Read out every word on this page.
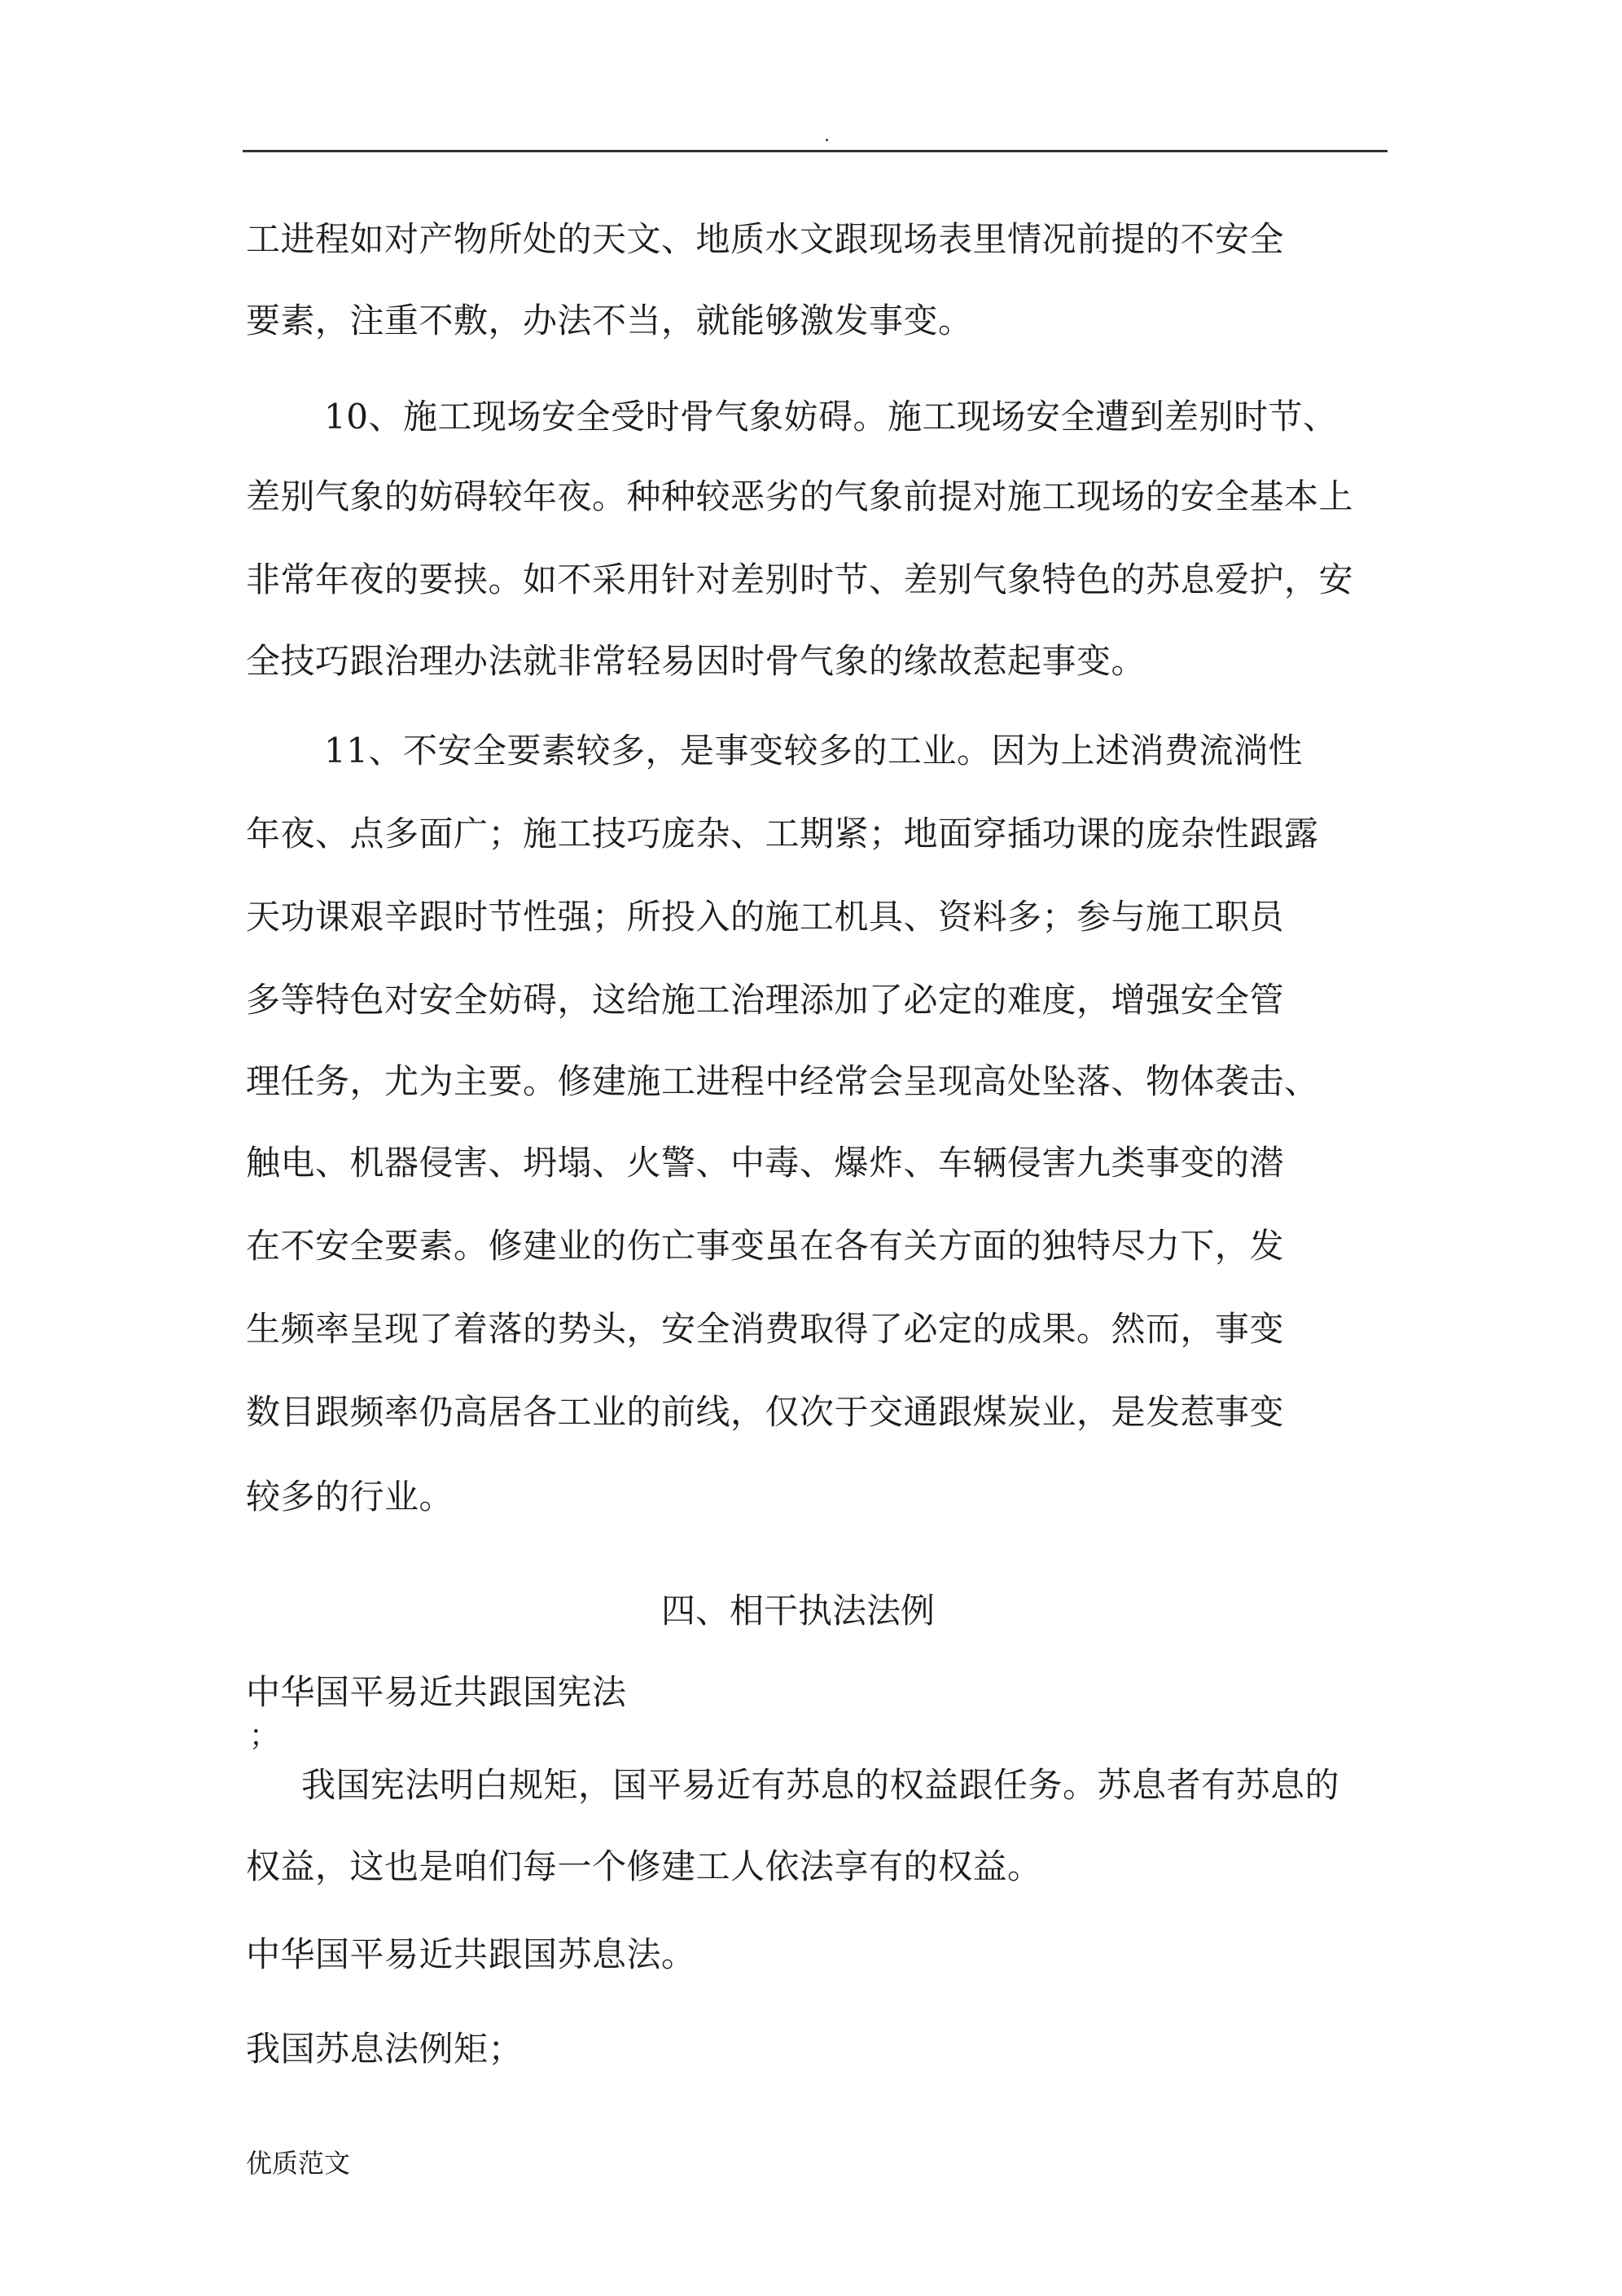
.
工进程如对产物所处的天文、地质水文跟现场表里情况前提的不安全
要素，注重不敷，办法不当，就能够激发事变。
10、施工现场安全受时骨气象妨碍。施工现场安全遭到差别时节、
差别气象的妨碍较年夜。种种较恶劣的气象前提对施工现场的安全基本上
非常年夜的要挟。如不采用针对差别时节、差别气象特色的苏息爱护，安
全技巧跟治理办法就非常轻易因时骨气象的缘故惹起事变。
11、不安全要素较多，是事变较多的工业。因为上述消费流淌性
年夜、点多面广；施工技巧庞杂、工期紧；地面穿插功课的庞杂性跟露
天功课艰辛跟时节性强；所投入的施工机具、资料多；参与施工职员
多等特色对安全妨碍，这给施工治理添加了必定的难度，增强安全管
理任务，尤为主要。修建施工进程中经常会呈现高处坠落、物体袭击、
触电、机器侵害、坍塌、火警、中毒、爆炸、车辆侵害九类事变的潜
在不安全要素。修建业的伤亡事变虽在各有关方面的独特尽力下，发
生频率呈现了着落的势头，安全消费取得了必定的成果。然而，事变
数目跟频率仍高居各工业的前线，仅次于交通跟煤炭业，是发惹事变
较多的行业。
四、相干执法法例
中华国平易近共跟国宪法
；
我国宪法明白规矩，国平易近有苏息的权益跟任务。苏息者有苏息的
权益，这也是咱们每一个修建工人依法享有的权益。
中华国平易近共跟国苏息法。
我国苏息法例矩；
优质范文
